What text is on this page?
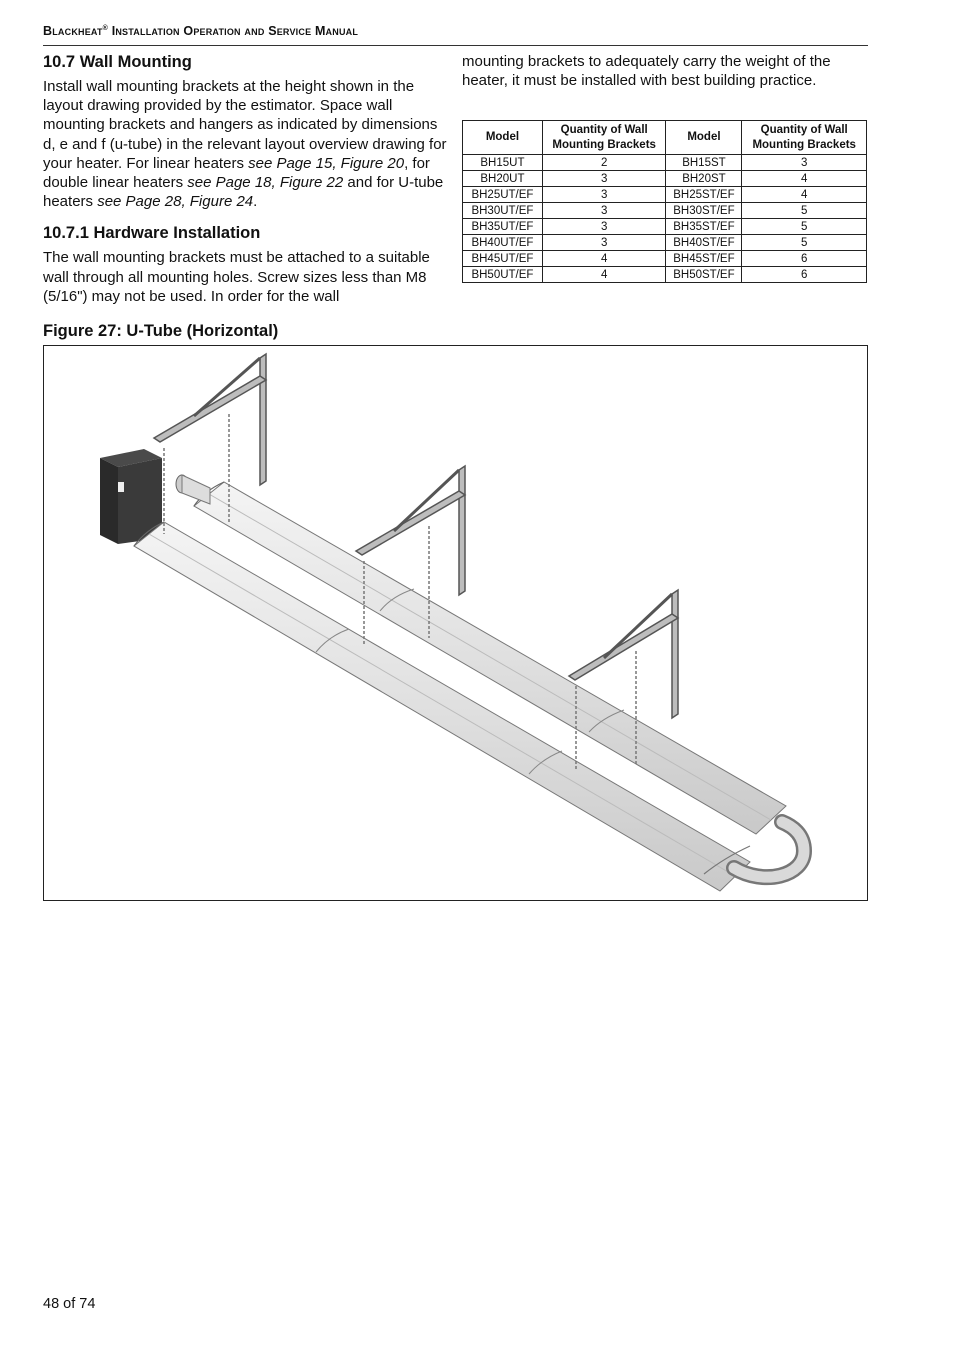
Blackheat® Installation Operation and Service Manual
10.7 Wall Mounting

Install wall mounting brackets at the height shown in the layout drawing provided by the estimator. Space wall mounting brackets and hangers as indicated by dimensions d, e and f (u-tube) in the relevant layout overview drawing for your heater. For linear heaters see Page 15, Figure 20, for double linear heaters see Page 18, Figure 22 and for U-tube heaters see Page 28, Figure 24.

10.7.1 Hardware Installation

The wall mounting brackets must be attached to a suitable wall through all mounting holes. Screw sizes less than M8 (5/16") may not be used. In order for the wall

mounting brackets to adequately carry the weight of the heater, it must be installed with best building practice.

Model	Quantity of Wall Mounting Brackets	Model	Quantity of Wall Mounting Brackets
BH15UT	2	BH15ST	3
BH20UT	3	BH20ST	4
BH25UT/EF	3	BH25ST/EF	4
BH30UT/EF	3	BH30ST/EF	5
BH35UT/EF	3	BH35ST/EF	5
BH40UT/EF	3	BH40ST/EF	5
BH45UT/EF	4	BH45ST/EF	6
BH50UT/EF	4	BH50ST/EF	6
Figure 27: U-Tube (Horizontal)
48 of 74
